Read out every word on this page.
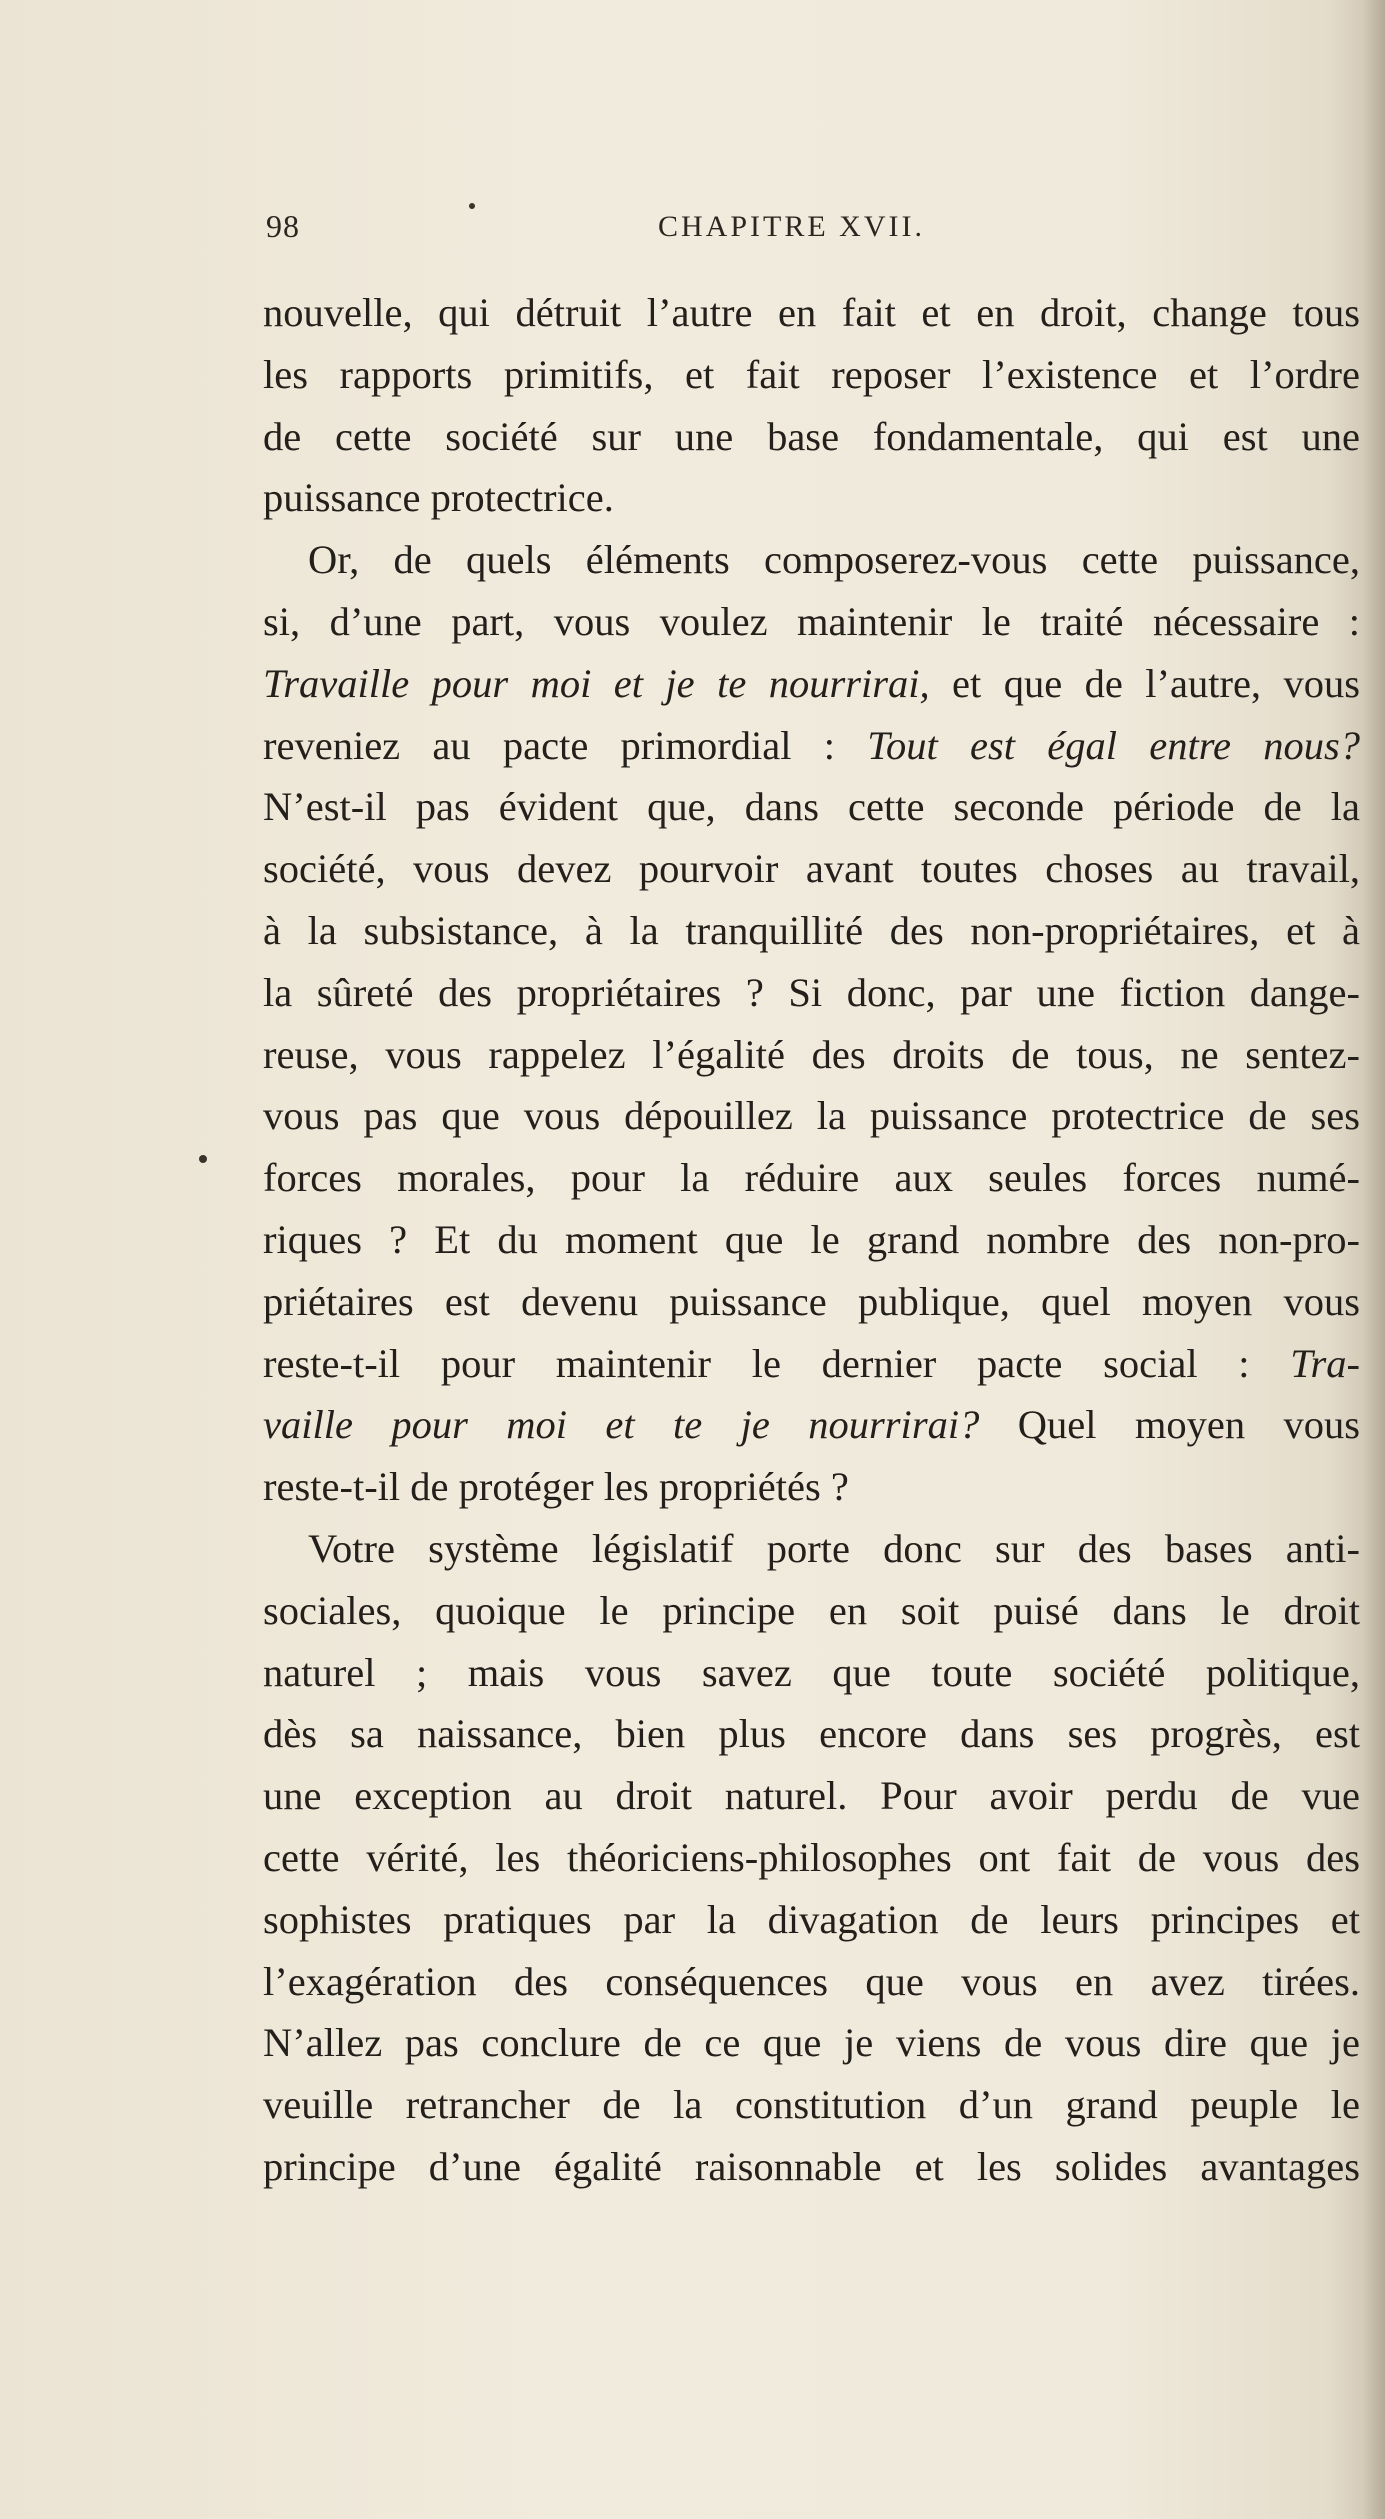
98	CHAPITRE XVII.
nouvelle, qui détruit l’autre en fait et en droit, change tous
les rapports primitifs, et fait reposer l’existence et l’ordre
de cette société sur une base fondamentale, qui est une
puissance protectrice.
Or, de quels éléments composerez-vous cette puissance,
si, d’une part, vous voulez maintenir le traité nécessaire :
Travaille pour moi et je te nourrirai, et que de l’autre, vous
reveniez au pacte primordial : Tout est égal entre nous?
N’est-il pas évident que, dans cette seconde période de la
société, vous devez pourvoir avant toutes choses au travail,
à la subsistance, à la tranquillité des non-propriétaires, et à
la sûreté des propriétaires ? Si donc, par une fiction dange-
reuse, vous rappelez l’égalité des droits de tous, ne sentez-
vous pas que vous dépouillez la puissance protectrice de ses
forces morales, pour la réduire aux seules forces numé-
riques ? Et du moment que le grand nombre des non-pro-
priétaires est devenu puissance publique, quel moyen vous
reste-t-il pour maintenir le dernier pacte social : Tra-
vaille pour moi et te je nourrirai? Quel moyen vous
reste-t-il de protéger les propriétés ?
Votre système législatif porte donc sur des bases anti-
sociales, quoique le principe en soit puisé dans le droit
naturel ; mais vous savez que toute société politique,
dès sa naissance, bien plus encore dans ses progrès, est
une exception au droit naturel. Pour avoir perdu de vue
cette vérité, les théoriciens-philosophes ont fait de vous des
sophistes pratiques par la divagation de leurs principes et
l’exagération des conséquences que vous en avez tirées.
N’allez pas conclure de ce que je viens de vous dire que je
veuille retrancher de la constitution d’un grand peuple le
principe d’une égalité raisonnable et les solides avantages
